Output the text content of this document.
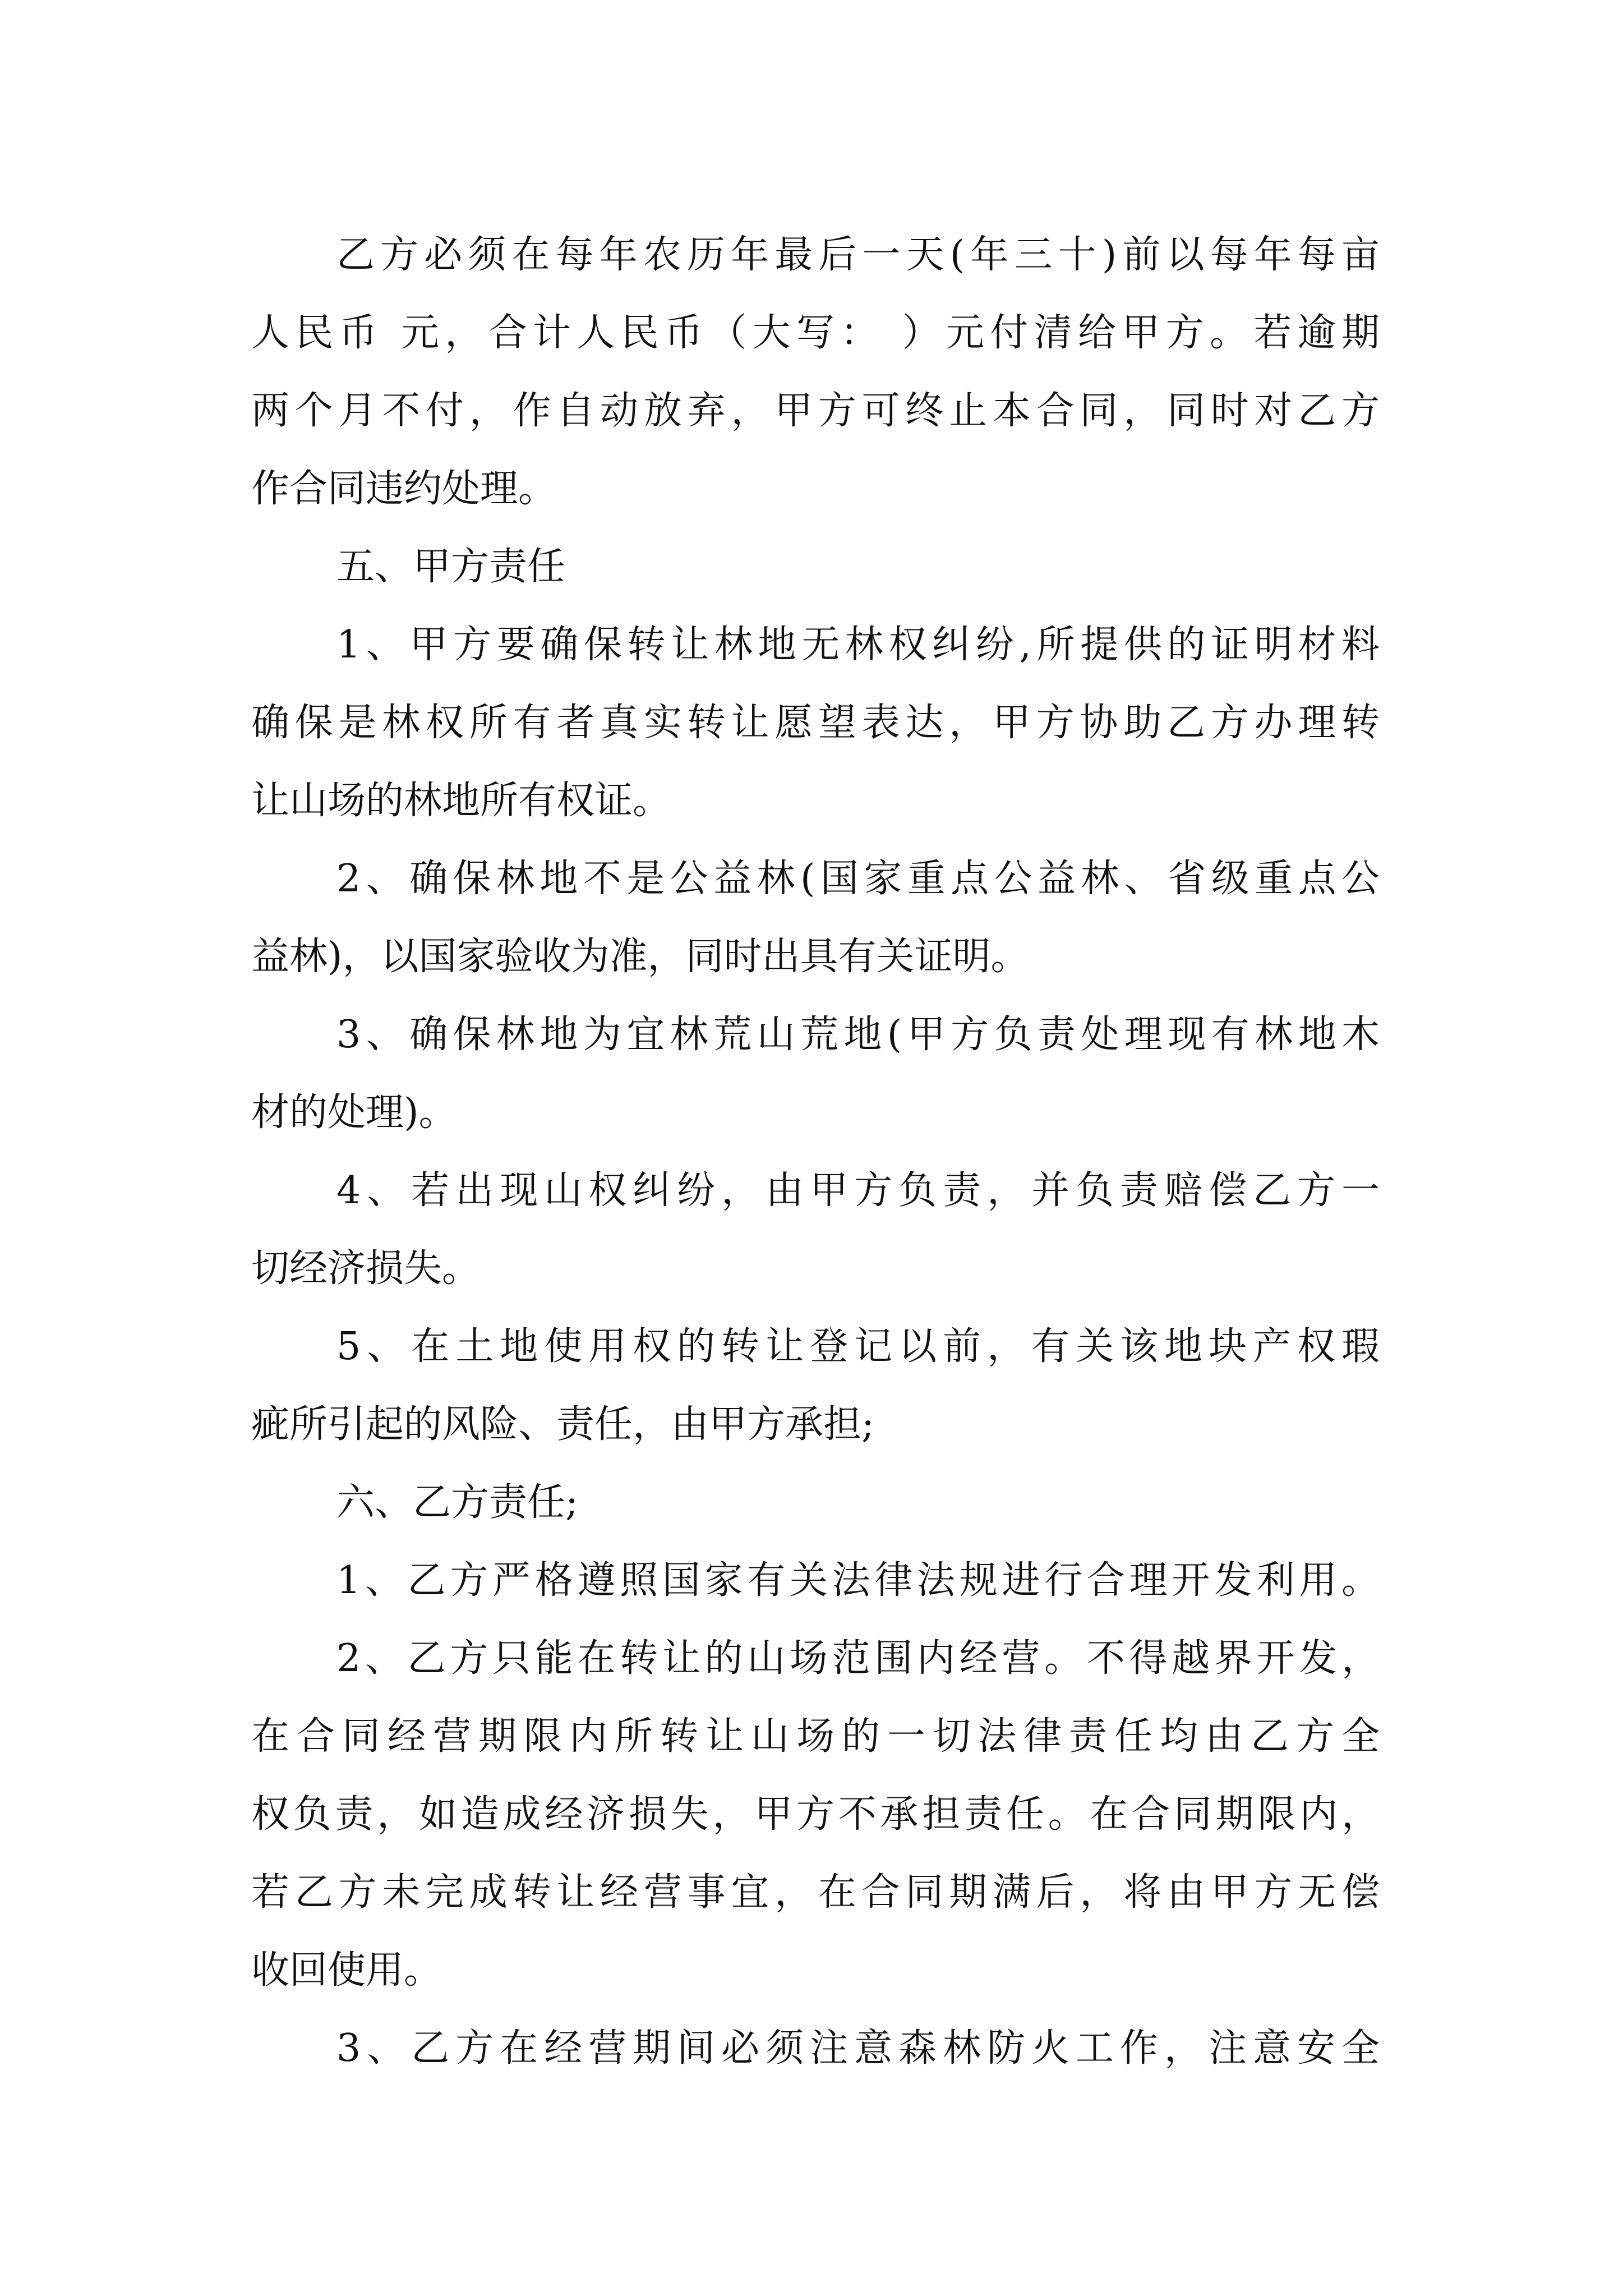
乙方必须在每年农历年最后一天(年三十)前以每年每亩
人民币 元，合计人民币（大写： ）元付清给甲方。若逾期
两个月不付，作自动放弃，甲方可终止本合同，同时对乙方
作合同违约处理。
五、甲方责任
1、甲方要确保转让林地无林权纠纷,所提供的证明材料
确保是林权所有者真实转让愿望表达，甲方协助乙方办理转
让山场的林地所有权证。
2、确保林地不是公益林(国家重点公益林、省级重点公
益林)，以国家验收为准，同时出具有关证明。
3、确保林地为宜林荒山荒地(甲方负责处理现有林地木
材的处理)。
4、若出现山权纠纷，由甲方负责，并负责赔偿乙方一
切经济损失。
5、在土地使用权的转让登记以前，有关该地块产权瑕
疵所引起的风险、责任，由甲方承担;
六、乙方责任;
1、乙方严格遵照国家有关法律法规进行合理开发利用。
2、乙方只能在转让的山场范围内经营。不得越界开发，
在合同经营期限内所转让山场的一切法律责任均由乙方全
权负责，如造成经济损失，甲方不承担责任。在合同期限内，
若乙方未完成转让经营事宜，在合同期满后，将由甲方无偿
收回使用。
3、乙方在经营期间必须注意森林防火工作，注意安全
